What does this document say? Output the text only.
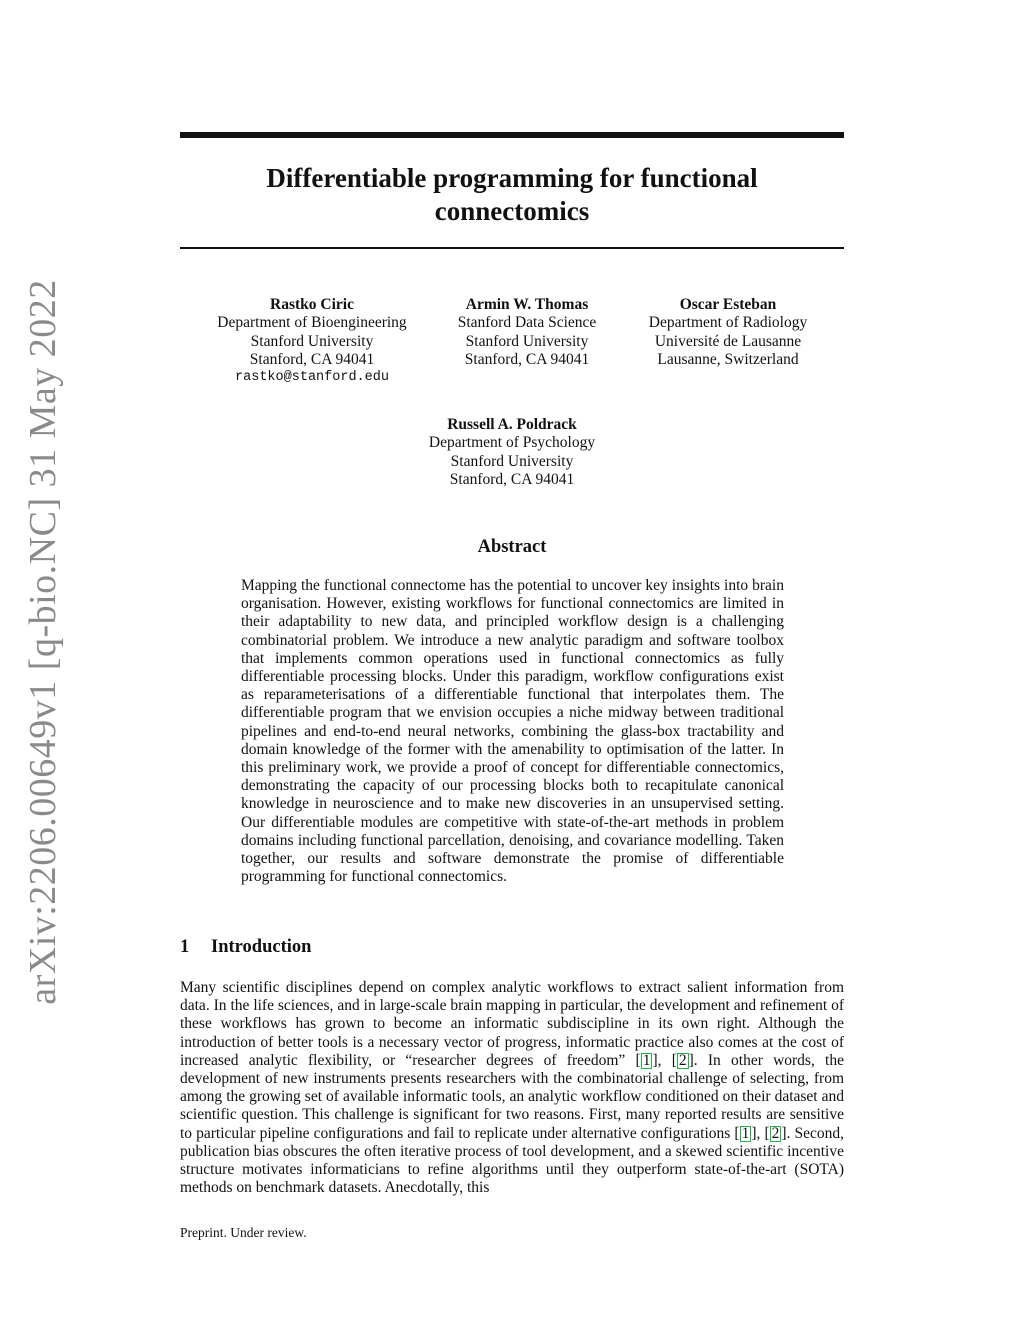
arXiv:2206.00649v1 [q-bio.NC] 31 May 2022
Differentiable programming for functional
connectomics
Rastko Ciric
Department of Bioengineering
Stanford University
Stanford, CA 94041
rastko@stanford.edu
Armin W. Thomas
Stanford Data Science
Stanford University
Stanford, CA 94041
Oscar Esteban
Department of Radiology
Université de Lausanne
Lausanne, Switzerland
Russell A. Poldrack
Department of Psychology
Stanford University
Stanford, CA 94041
Abstract
Mapping the functional connectome has the potential to uncover key insights into brain organisation. However, existing workflows for functional connectomics are limited in their adaptability to new data, and principled workflow design is a challenging combinatorial problem. We introduce a new analytic paradigm and software toolbox that implements common operations used in functional connectomics as fully differentiable processing blocks. Under this paradigm, workflow configurations exist as reparameterisations of a differentiable functional that interpolates them. The differentiable program that we envision occupies a niche midway between traditional pipelines and end-to-end neural networks, combining the glass-box tractability and domain knowledge of the former with the amenability to optimisation of the latter. In this preliminary work, we provide a proof of concept for differentiable connectomics, demonstrating the capacity of our processing blocks both to recapitulate canonical knowledge in neuroscience and to make new discoveries in an unsupervised setting. Our differentiable modules are competitive with state-of-the-art methods in problem domains including functional parcellation, denoising, and covariance modelling. Taken together, our results and software demonstrate the promise of differentiable programming for functional connectomics.
1 Introduction
Many scientific disciplines depend on complex analytic workflows to extract salient information from data. In the life sciences, and in large-scale brain mapping in particular, the development and refinement of these workflows has grown to become an informatic subdiscipline in its own right. Although the introduction of better tools is a necessary vector of progress, informatic practice also comes at the cost of increased analytic flexibility, or “researcher degrees of freedom” [ 1 ], [ 2 ]. In other words, the development of new instruments presents researchers with the combinatorial challenge of selecting, from among the growing set of available informatic tools, an analytic workflow conditioned on their dataset and scientific question. This challenge is significant for two reasons. First, many reported results are sensitive to particular pipeline configurations and fail to replicate under alternative configurations [ 1 ], [ 2 ]. Second, publication bias obscures the often iterative process of tool development, and a skewed scientific incentive structure motivates informaticians to refine algorithms until they outperform state-of-the-art (SOTA) methods on benchmark datasets. Anecdotally, this
Preprint. Under review.
